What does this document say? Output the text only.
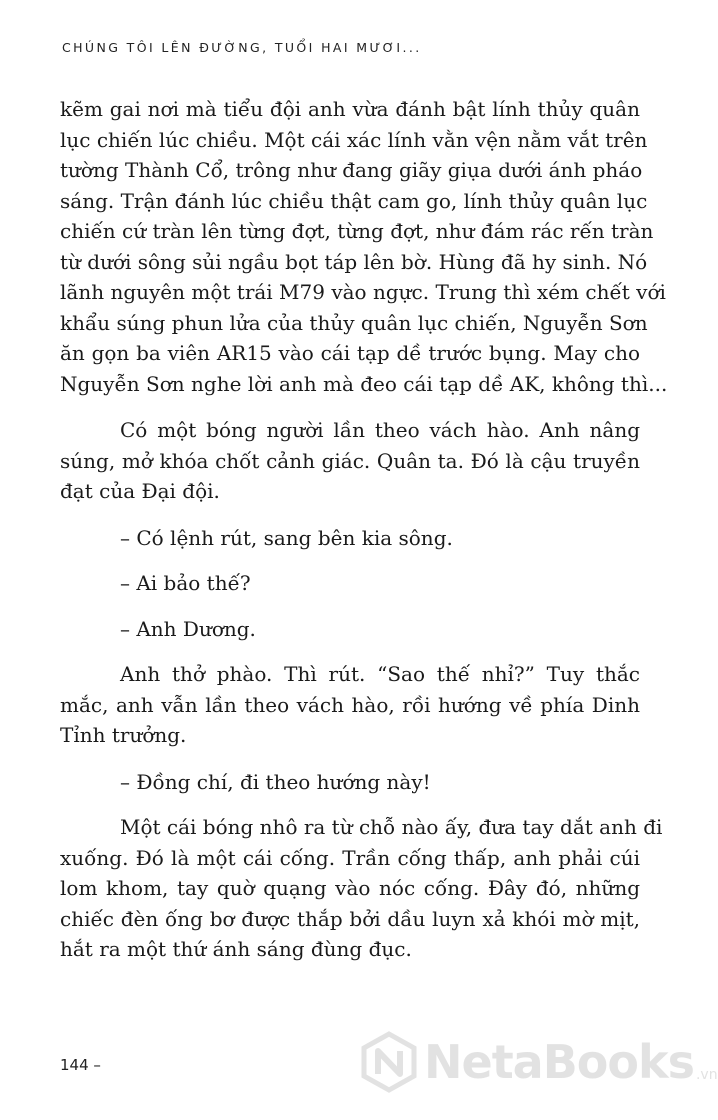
CHÚNG TÔI LÊN ĐƯỜNG, TUỔI HAI MƯƠI...

kẽm gai nơi mà tiểu đội anh vừa đánh bật lính thủy quân
lục chiến lúc chiều. Một cái xác lính vằn vện nằm vắt trên
tường Thành Cổ, trông như đang giãy giụa dưới ánh pháo
sáng. Trận đánh lúc chiều thật cam go, lính thủy quân lục
chiến cứ tràn lên từng đợt, từng đợt, như đám rác rến tràn
từ dưới sông sủi ngầu bọt táp lên bờ. Hùng đã hy sinh. Nó
lãnh nguyên một trái M79 vào ngực. Trung thì xém chết với
khẩu súng phun lửa của thủy quân lục chiến, Nguyễn Sơn
ăn gọn ba viên AR15 vào cái tạp dề trước bụng. May cho
Nguyễn Sơn nghe lời anh mà đeo cái tạp dề AK, không thì...

Có một bóng người lần theo vách hào. Anh nâng
súng, mở khóa chốt cảnh giác. Quân ta. Đó là cậu truyền
đạt của Đại đội.

– Có lệnh rút, sang bên kia sông.

– Ai bảo thế?

– Anh Dương.

Anh thở phào. Thì rút. “Sao thế nhỉ?” Tuy thắc
mắc, anh vẫn lần theo vách hào, rồi hướng về phía Dinh
Tỉnh trưởng.

– Đồng chí, đi theo hướng này!

Một cái bóng nhô ra từ chỗ nào ấy, đưa tay dắt anh đi
xuống. Đó là một cái cống. Trần cống thấp, anh phải cúi
lom khom, tay quờ quạng vào nóc cống. Đây đó, những
chiếc đèn ống bơ được thắp bởi dầu luyn xả khói mờ mịt,
hắt ra một thứ ánh sáng đùng đục.

144 –	NetaBooks .vn
